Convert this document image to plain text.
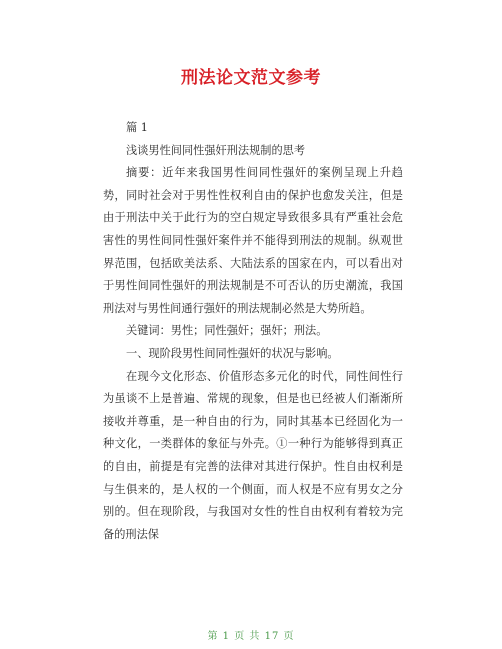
刑法论文范文参考

篇 1

浅谈男性间同性强奸刑法规制的思考

摘要：近年来我国男性间同性强奸的案例呈现上升趋势，同时社会对于男性性权利自由的保护也愈发关注，但是由于刑法中关于此行为的空白规定导致很多具有严重社会危害性的男性间同性强奸案件并不能得到刑法的规制。纵观世界范围，包括欧美法系、大陆法系的国家在内，可以看出对于男性间同性强奸的刑法规制是不可否认的历史潮流，我国刑法对与男性间通行强奸的刑法规制必然是大势所趋。

关键词：男性；同性强奸；强奸；刑法。

一、现阶段男性间同性强奸的状况与影响。

在现今文化形态、价值形态多元化的时代，同性间性行为虽谈不上是普遍、常规的现象，但是也已经被人们渐渐所接收并尊重，是一种自由的行为，同时其基本已经固化为一种文化，一类群体的象征与外壳。①一种行为能够得到真正的自由，前提是有完善的法律对其进行保护。性自由权利是与生俱来的，是人权的一个侧面，而人权是不应有男女之分别的。但在现阶段，与我国对女性的性自由权利有着较为完备的刑法保

第 1 页 共 17 页
